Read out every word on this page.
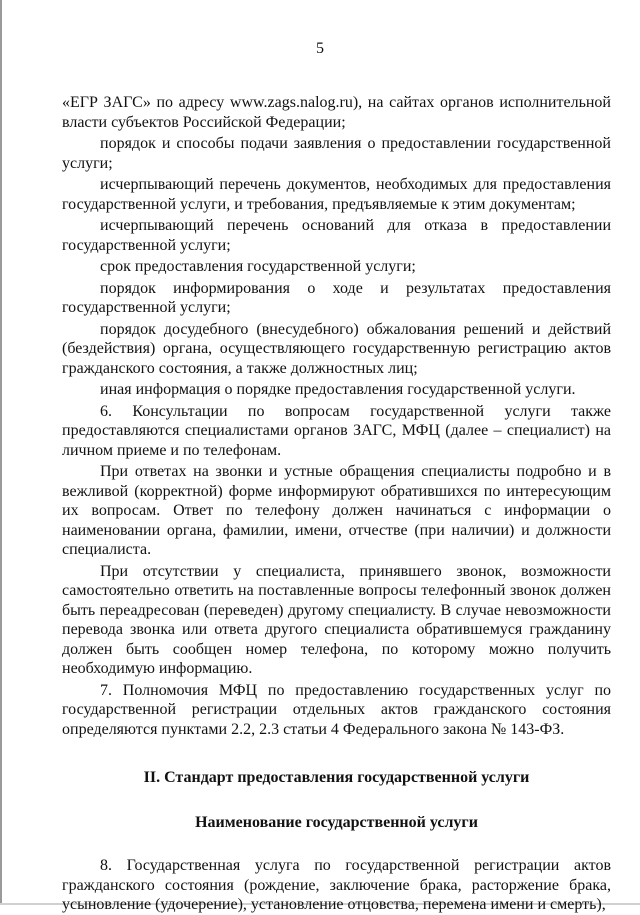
5

«ЕГР ЗАГС» по адресу www.zags.nalog.ru), на сайтах органов исполнительной власти субъектов Российской Федерации;

порядок и способы подачи заявления о предоставлении государственной услуги;

исчерпывающий перечень документов, необходимых для предоставления государственной услуги, и требования, предъявляемые к этим документам;

исчерпывающий перечень оснований для отказа в предоставлении государственной услуги;

срок предоставления государственной услуги;

порядок информирования о ходе и результатах предоставления государственной услуги;

порядок досудебного (внесудебного) обжалования решений и действий (бездействия) органа, осуществляющего государственную регистрацию актов гражданского состояния, а также должностных лиц;

иная информация о порядке предоставления государственной услуги.

6. Консультации по вопросам государственной услуги также предоставляются специалистами органов ЗАГС, МФЦ (далее – специалист) на личном приеме и по телефонам.

При ответах на звонки и устные обращения специалисты подробно и в вежливой (корректной) форме информируют обратившихся по интересующим их вопросам. Ответ по телефону должен начинаться с информации о наименовании органа, фамилии, имени, отчестве (при наличии) и должности специалиста.

При отсутствии у специалиста, принявшего звонок, возможности самостоятельно ответить на поставленные вопросы телефонный звонок должен быть переадресован (переведен) другому специалисту. В случае невозможности перевода звонка или ответа другого специалиста обратившемуся гражданину должен быть сообщен номер телефона, по которому можно получить необходимую информацию.

7. Полномочия МФЦ по предоставлению государственных услуг по государственной регистрации отдельных актов гражданского состояния определяются пунктами 2.2, 2.3 статьи 4 Федерального закона № 143-ФЗ.

II. Стандарт предоставления государственной услуги

Наименование государственной услуги

8. Государственная услуга по государственной регистрации актов гражданского состояния (рождение, заключение брака, расторжение брака, усыновление (удочерение), установление отцовства, перемена имени и смерть),
